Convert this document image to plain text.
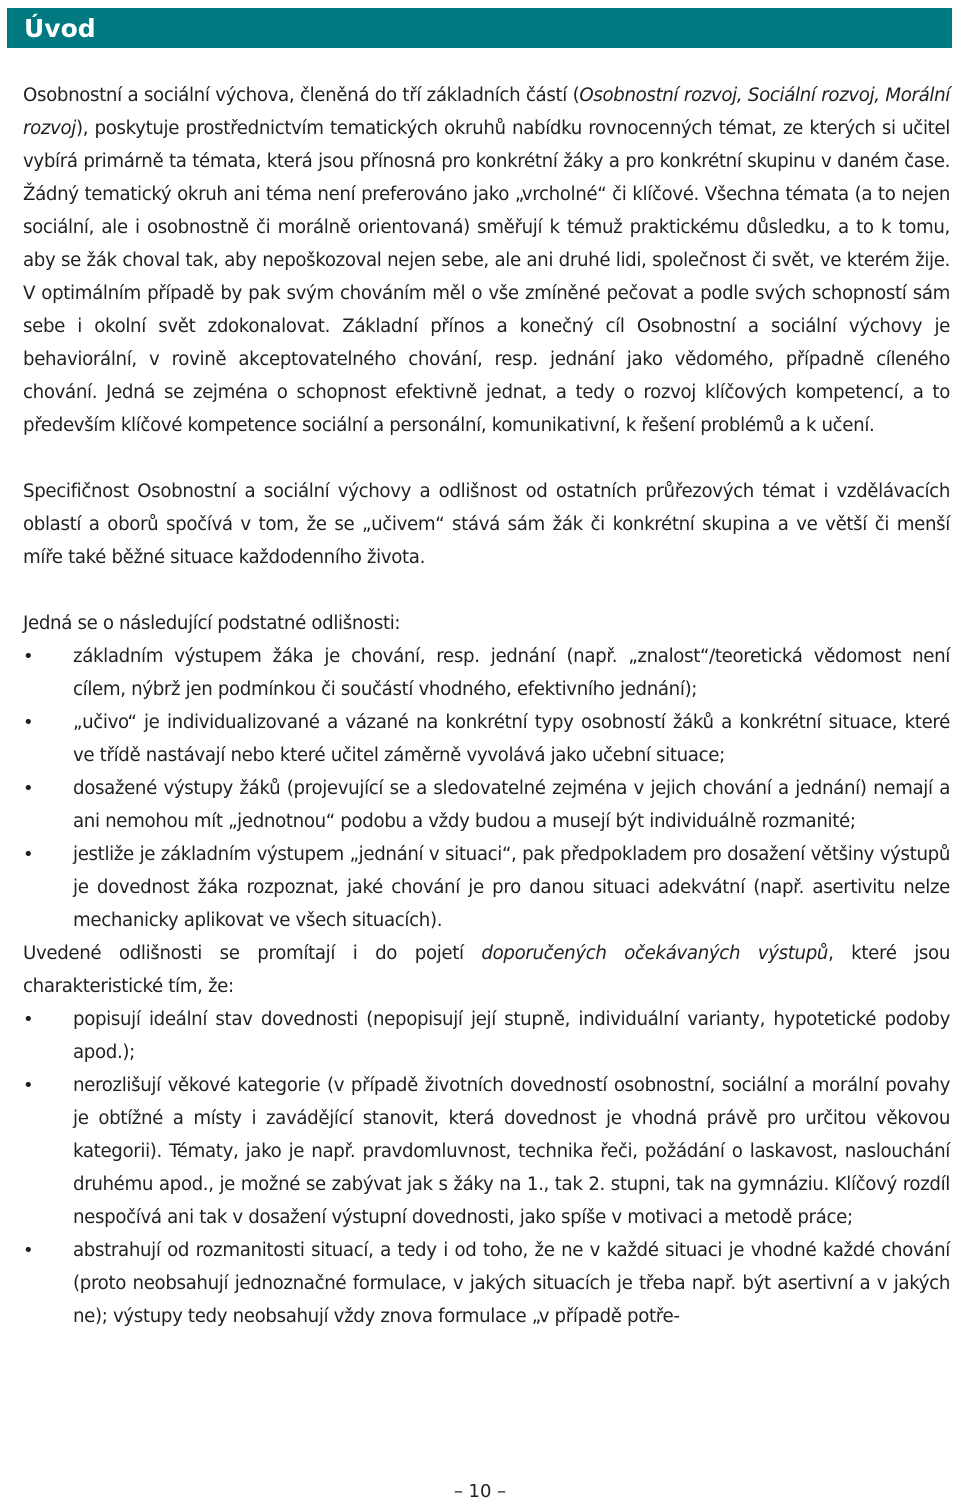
Úvod

Osobnostní a sociální výchova, členěná do tří základních částí (Osobnostní rozvoj, Sociální rozvoj, Morální rozvoj), poskytuje prostřednictvím tematických okruhů nabídku rovnocenných témat, ze kterých si učitel vybírá primárně ta témata, která jsou přínosná pro konkrétní žáky a pro konkrétní skupinu v daném čase. Žádný tematický okruh ani téma není preferováno jako „vrcholné“ či klíčové. Všechna témata (a to nejen sociální, ale i osobnostně či morálně orientovaná) směřují k témuž praktickému důsledku, a to k tomu, aby se žák choval tak, aby nepoškozoval nejen sebe, ale ani druhé lidi, společnost či svět, ve kterém žije. V optimálním případě by pak svým chováním měl o vše zmíněné pečovat a podle svých schopností sám sebe i okolní svět zdokonalovat. Základní přínos a konečný cíl Osobnostní a sociální výchovy je behaviorální, v rovině akceptovatelného chování, resp. jednání jako vědomého, případně cíleného chování. Jedná se zejména o schopnost efektivně jednat, a tedy o rozvoj klíčových kompetencí, a to především klíčové kompetence sociální a personální, komunikativní, k řešení problémů a k učení.

Specifičnost Osobnostní a sociální výchovy a odlišnost od ostatních průřezových témat i vzdělávacích oblastí a oborů spočívá v tom, že se „učivem“ stává sám žák či konkrétní skupina a ve větší či menší míře také běžné situace každodenního života.

Jedná se o následující podstatné odlišnosti:

• základním výstupem žáka je chování, resp. jednání (např. „znalost“/teoretická vědomost není cílem, nýbrž jen podmínkou či součástí vhodného, efektivního jednání);
• „učivo“ je individualizované a vázané na konkrétní typy osobností žáků a konkrétní situace, které ve třídě nastávají nebo které učitel záměrně vyvolává jako učební situace;
• dosažené výstupy žáků (projevující se a sledovatelné zejména v jejich chování a jednání) nemají a ani nemohou mít „jednotnou“ podobu a vždy budou a musejí být individuálně rozmanité;
• jestliže je základním výstupem „jednání v situaci“, pak předpokladem pro dosažení většiny výstupů je dovednost žáka rozpoznat, jaké chování je pro danou situaci adekvátní (např. asertivitu nelze mechanicky aplikovat ve všech situacích).

Uvedené odlišnosti se promítají i do pojetí doporučených očekávaných výstupů, které jsou charakteristické tím, že:

• popisují ideální stav dovednosti (nepopisují její stupně, individuální varianty, hypotetické podoby apod.);
• nerozlišují věkové kategorie (v případě životních dovedností osobnostní, sociální a morální povahy je obtížné a místy i zavádějící stanovit, která dovednost je vhodná právě pro určitou věkovou kategorii). Tématy, jako je např. pravdomluvnost, technika řeči, požádání o laskavost, naslouchání druhému apod., je možné se zabývat jak s žáky na 1., tak 2. stupni, tak na gymnáziu. Klíčový rozdíl nespočívá ani tak v dosažení výstupní dovednosti, jako spíše v motivaci a metodě práce;
• abstrahují od rozmanitosti situací, a tedy i od toho, že ne v každé situaci je vhodné každé chování (proto neobsahují jednoznačné formulace, v jakých situacích je třeba např. být asertivní a v jakých ne); výstupy tedy neobsahují vždy znova formulace „v případě potře-
– 10 –
